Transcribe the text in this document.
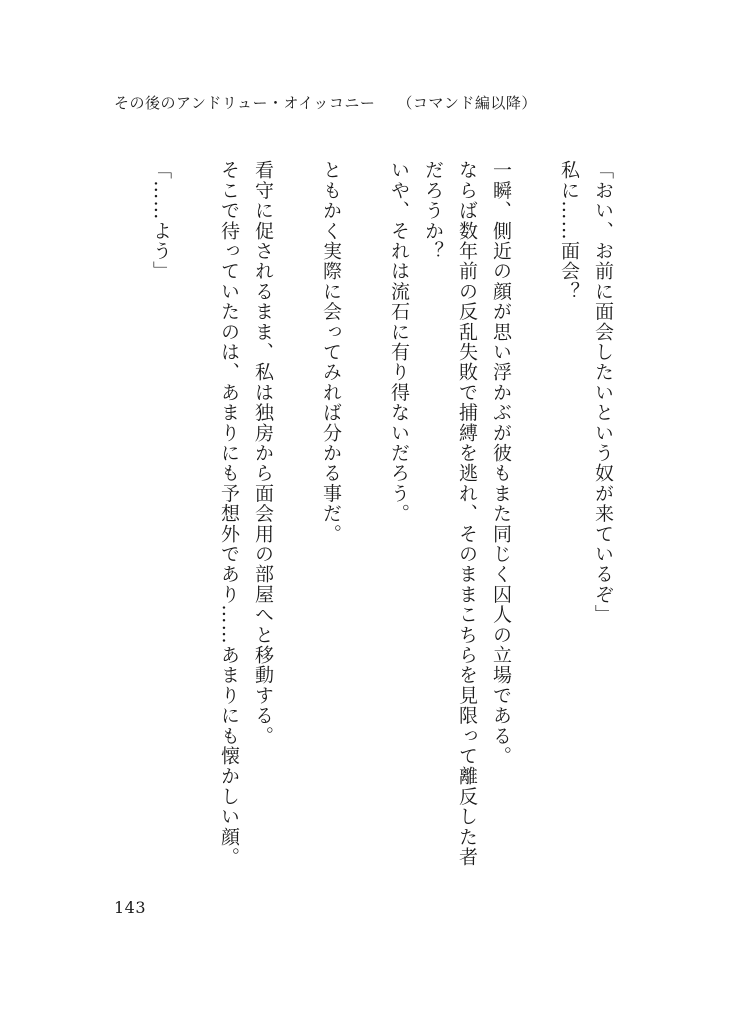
その後のアンドリュー・オイッコニー （コマンド編以降）

「おい、お前に面会したいという奴が来ているぞ」

私に……面会？

一瞬、側近の顔が思い浮かぶが彼もまた同じく囚人の立場である。

ならば数年前の反乱失敗で捕縛を逃れ、そのままこちらを見限って離反した者だろうか？

いや、それは流石に有り得ないだろう。

ともかく実際に会ってみれば分かる事だ。

看守に促されるまま、私は独房から面会用の部屋へと移動する。

そこで待っていたのは、あまりにも予想外であり……あまりにも懐かしい顔。

「……よう」

143
